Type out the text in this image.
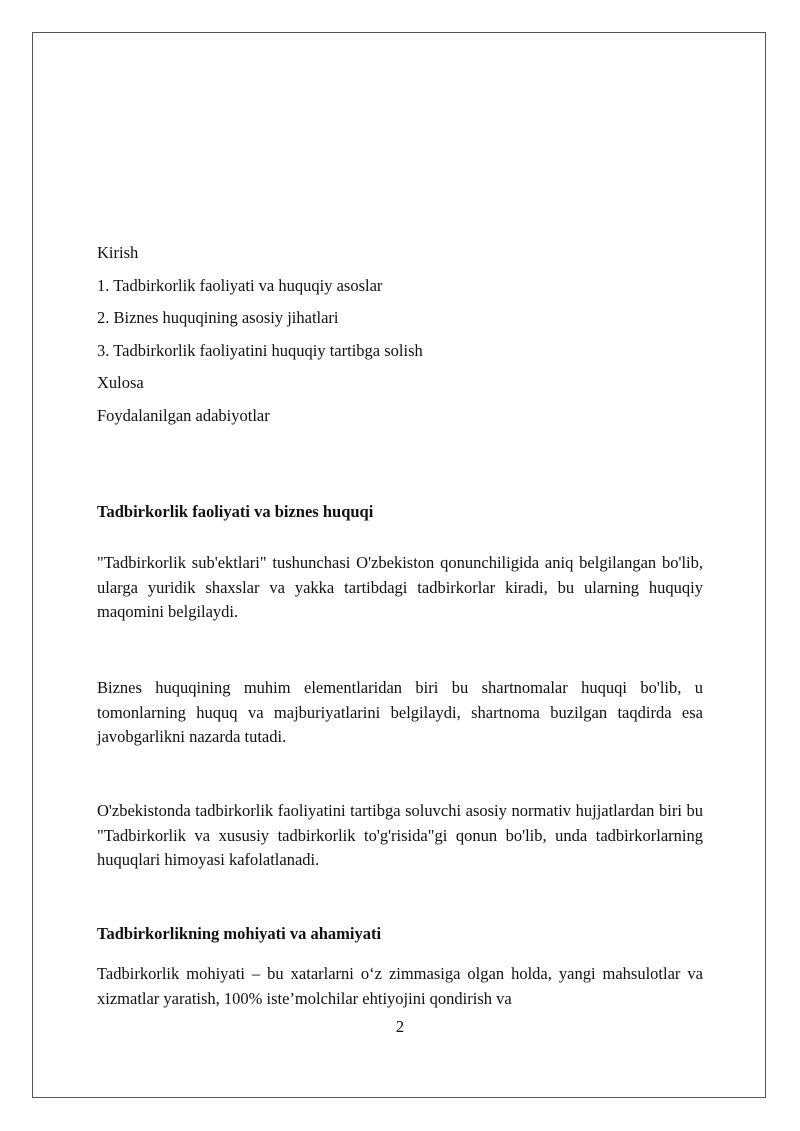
Kirish
1. Tadbirkorlik faoliyati va huquqiy asoslar
2. Biznes huquqining asosiy jihatlari
3. Tadbirkorlik faoliyatini huquqiy tartibga solish
Xulosa
Foydalanilgan adabiyotlar
Tadbirkorlik faoliyati va biznes huquqi
"Tadbirkorlik sub'ektlari" tushunchasi O'zbekiston qonunchiligida aniq belgilangan bo'lib, ularga yuridik shaxslar va yakka tartibdagi tadbirkorlar kiradi, bu ularning huquqiy maqomini belgilaydi.
Biznes huquqining muhim elementlaridan biri bu shartnomalar huquqi bo'lib, u tomonlarning huquq va majburiyatlarini belgilaydi, shartnoma buzilgan taqdirda esa javobgarlikni nazarda tutadi.
O'zbekistonda tadbirkorlik faoliyatini tartibga soluvchi asosiy normativ hujjatlardan biri bu "Tadbirkorlik va xususiy tadbirkorlik to'g'risida"gi qonun bo'lib, unda tadbirkorlarning huquqlari himoyasi kafolatlanadi.
Tadbirkorlikning mohiyati va ahamiyati
Tadbirkorlik mohiyati – bu xatarlarni o‘z zimmasiga olgan holda, yangi mahsulotlar va xizmatlar yaratish, 100% iste’molchilar ehtiyojini qondirish va
2
